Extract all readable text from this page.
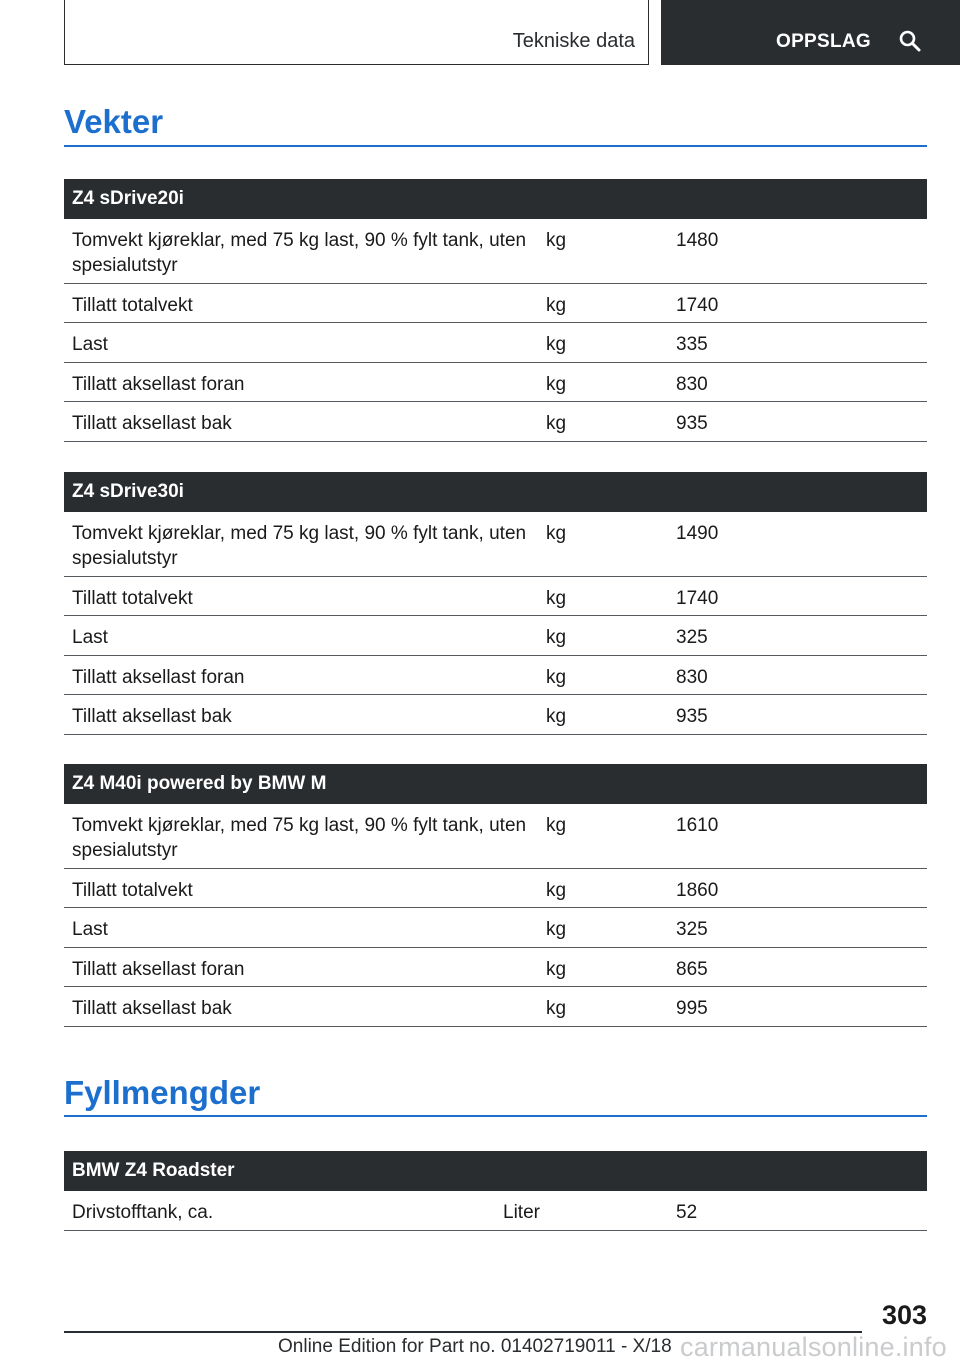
Tekniske data	OPPSLAG
Vekter
Z4 sDrive20i		
Tomvekt kjøreklar, med 75 kg last, 90 % fylt tank, uten spesialutstyr	kg	1480
Tillatt totalvekt	kg	1740
Last	kg	335
Tillatt aksellast foran	kg	830
Tillatt aksellast bak	kg	935
Z4 sDrive30i		
Tomvekt kjøreklar, med 75 kg last, 90 % fylt tank, uten spesialutstyr	kg	1490
Tillatt totalvekt	kg	1740
Last	kg	325
Tillatt aksellast foran	kg	830
Tillatt aksellast bak	kg	935
Z4 M40i powered by BMW M		
Tomvekt kjøreklar, med 75 kg last, 90 % fylt tank, uten spesialutstyr	kg	1610
Tillatt totalvekt	kg	1860
Last	kg	325
Tillatt aksellast foran	kg	865
Tillatt aksellast bak	kg	995
Fyllmengder
BMW Z4 Roadster
Drivstofftank, ca.	Liter	52
303
Online Edition for Part no. 01402719011 - X/18 carmanualsonline.info
